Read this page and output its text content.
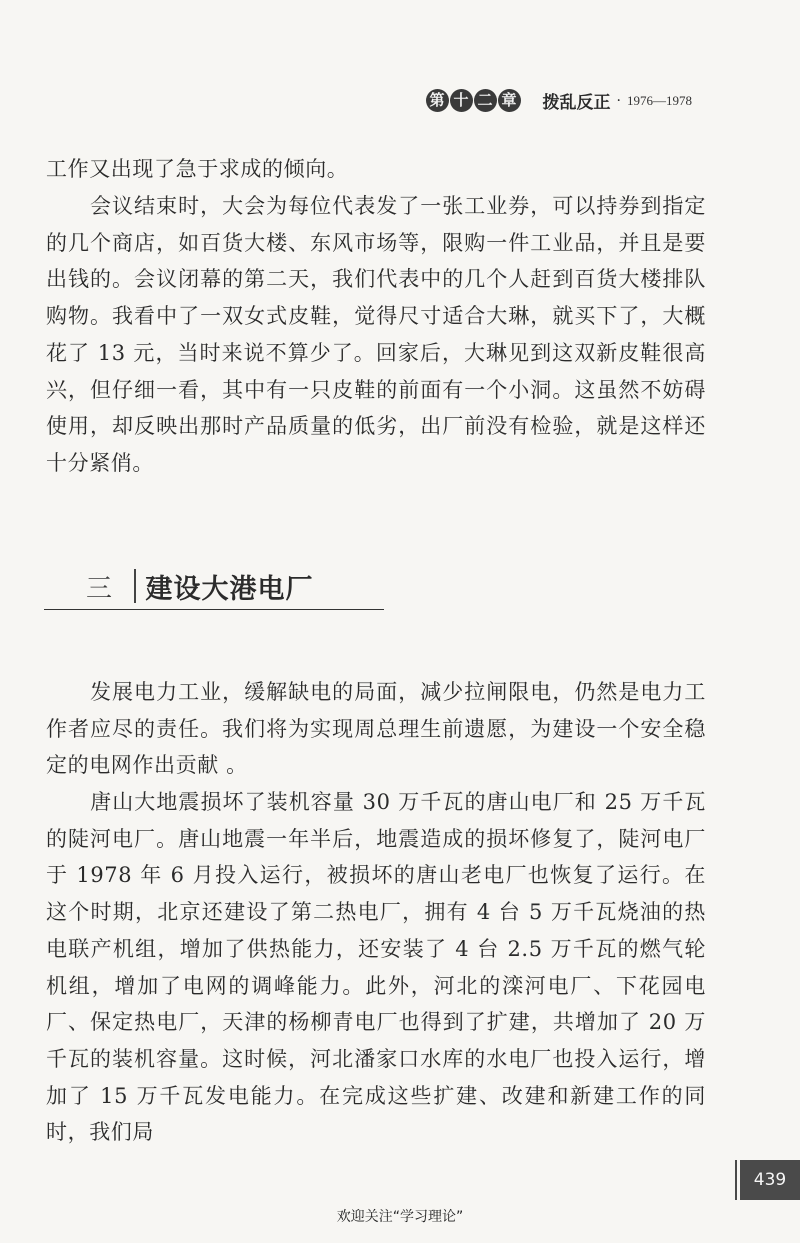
第 十 二 章 拨乱反正 · 1976—1978

工作又出现了急于求成的倾向。

　　会议结束时，大会为每位代表发了一张工业券，可以持券到指定的几个商店，如百货大楼、东风市场等，限购一件工业品，并且是要出钱的。会议闭幕的第二天，我们代表中的几个人赶到百货大楼排队购物。我看中了一双女式皮鞋，觉得尺寸适合大琳，就买下了，大概花了 13 元，当时来说不算少了。回家后，大琳见到这双新皮鞋很高兴，但仔细一看，其中有一只皮鞋的前面有一个小洞。这虽然不妨碍使用，却反映出那时产品质量的低劣，出厂前没有检验，就是这样还十分紧俏。

三	建设大港电厂

　　发展电力工业，缓解缺电的局面，减少拉闸限电，仍然是电力工作者应尽的责任。我们将为实现周总理生前遗愿，为建设一个安全稳定的电网作出贡献 。

　　唐山大地震损坏了装机容量 30 万千瓦的唐山电厂和 25 万千瓦的陡河电厂。唐山地震一年半后，地震造成的损坏修复了，陡河电厂于 1978 年 6 月投入运行，被损坏的唐山老电厂也恢复了运行。在这个时期，北京还建设了第二热电厂，拥有 4 台 5 万千瓦烧油的热电联产机组，增加了供热能力，还安装了 4 台 2.5 万千瓦的燃气轮机组，增加了电网的调峰能力。此外，河北的滦河电厂、下花园电厂、保定热电厂，天津的杨柳青电厂也得到了扩建，共增加了 20 万千瓦的装机容量。这时候，河北潘家口水库的水电厂也投入运行，增加了 15 万千瓦发电能力。在完成这些扩建、改建和新建工作的同时，我们局

439
欢迎关注“学习理论”
